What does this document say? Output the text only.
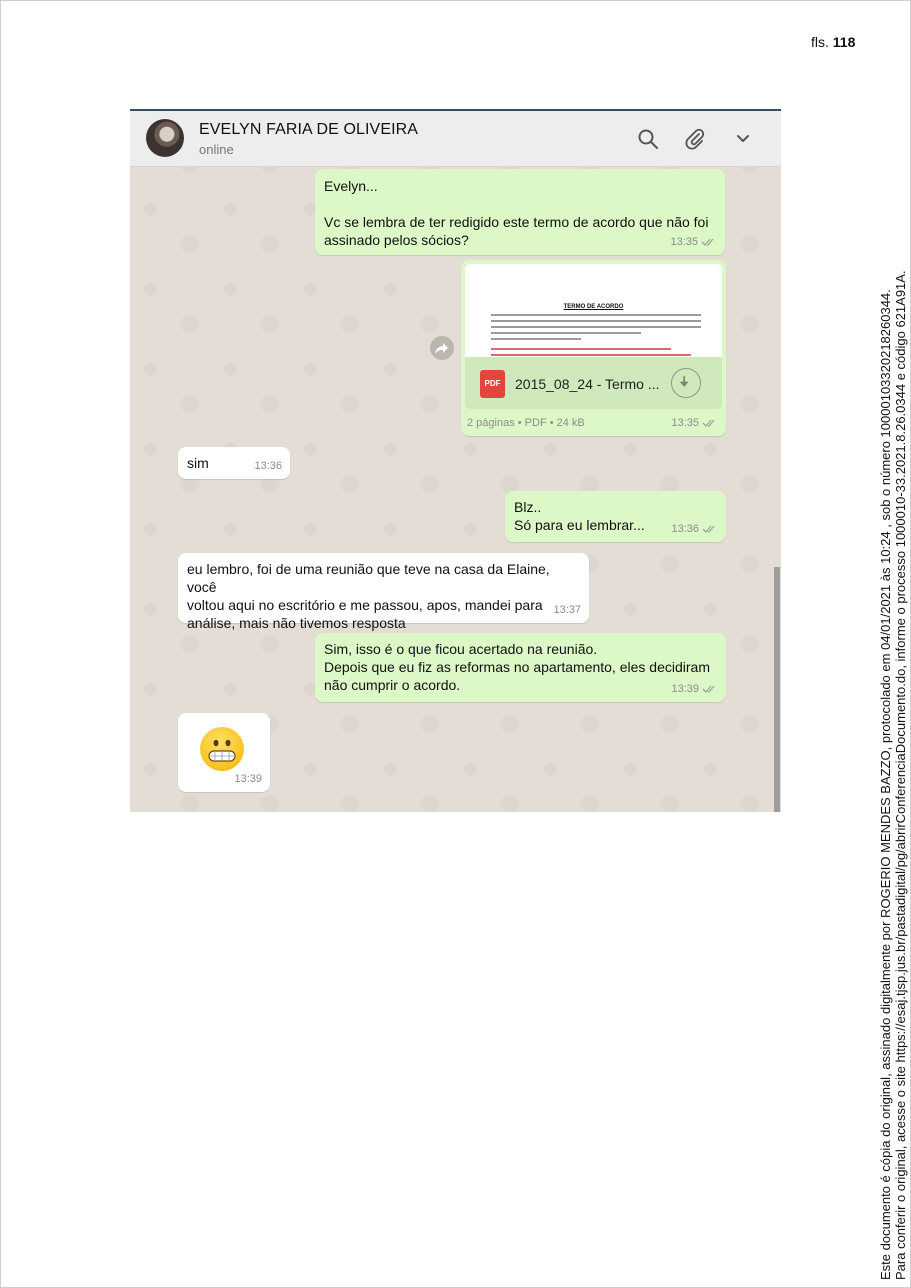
fls. 118
Este documento é cópia do original, assinado digitalmente por ROGERIO MENDES BAZZO, protocolado em 04/01/2021 às 10:24 , sob o número 10000103320218260344. Para conferir o original, acesse o site https://esaj.tjsp.jus.br/pastadigital/pg/abrirConferenciaDocumento.do, informe o processo 1000010-33.2021.8.26.0344 e código 621A91A.
EVELYN FARIA DE OLIVEIRA
online
Evelyn...

Vc se lembra de ter redigido este termo de acordo que não foi
assinado pelos sócios?	13:35
TERMO DE ACORDO
PDF	2015_08_24 - Termo ...
2 páginas • PDF • 24 kB	13:35
sim	13:36
Blz..
Só para eu lembrar...	13:36
eu lembro, foi de uma reunião que teve na casa da Elaine, você
voltou aqui no escritório e me passou, apos, mandei para
análise, mais não tivemos resposta
13:37
Sim, isso é o que ficou acertado na reunião.
Depois que eu fiz as reformas no apartamento, eles decidiram
não cumprir o acordo.	13:39
13:39
